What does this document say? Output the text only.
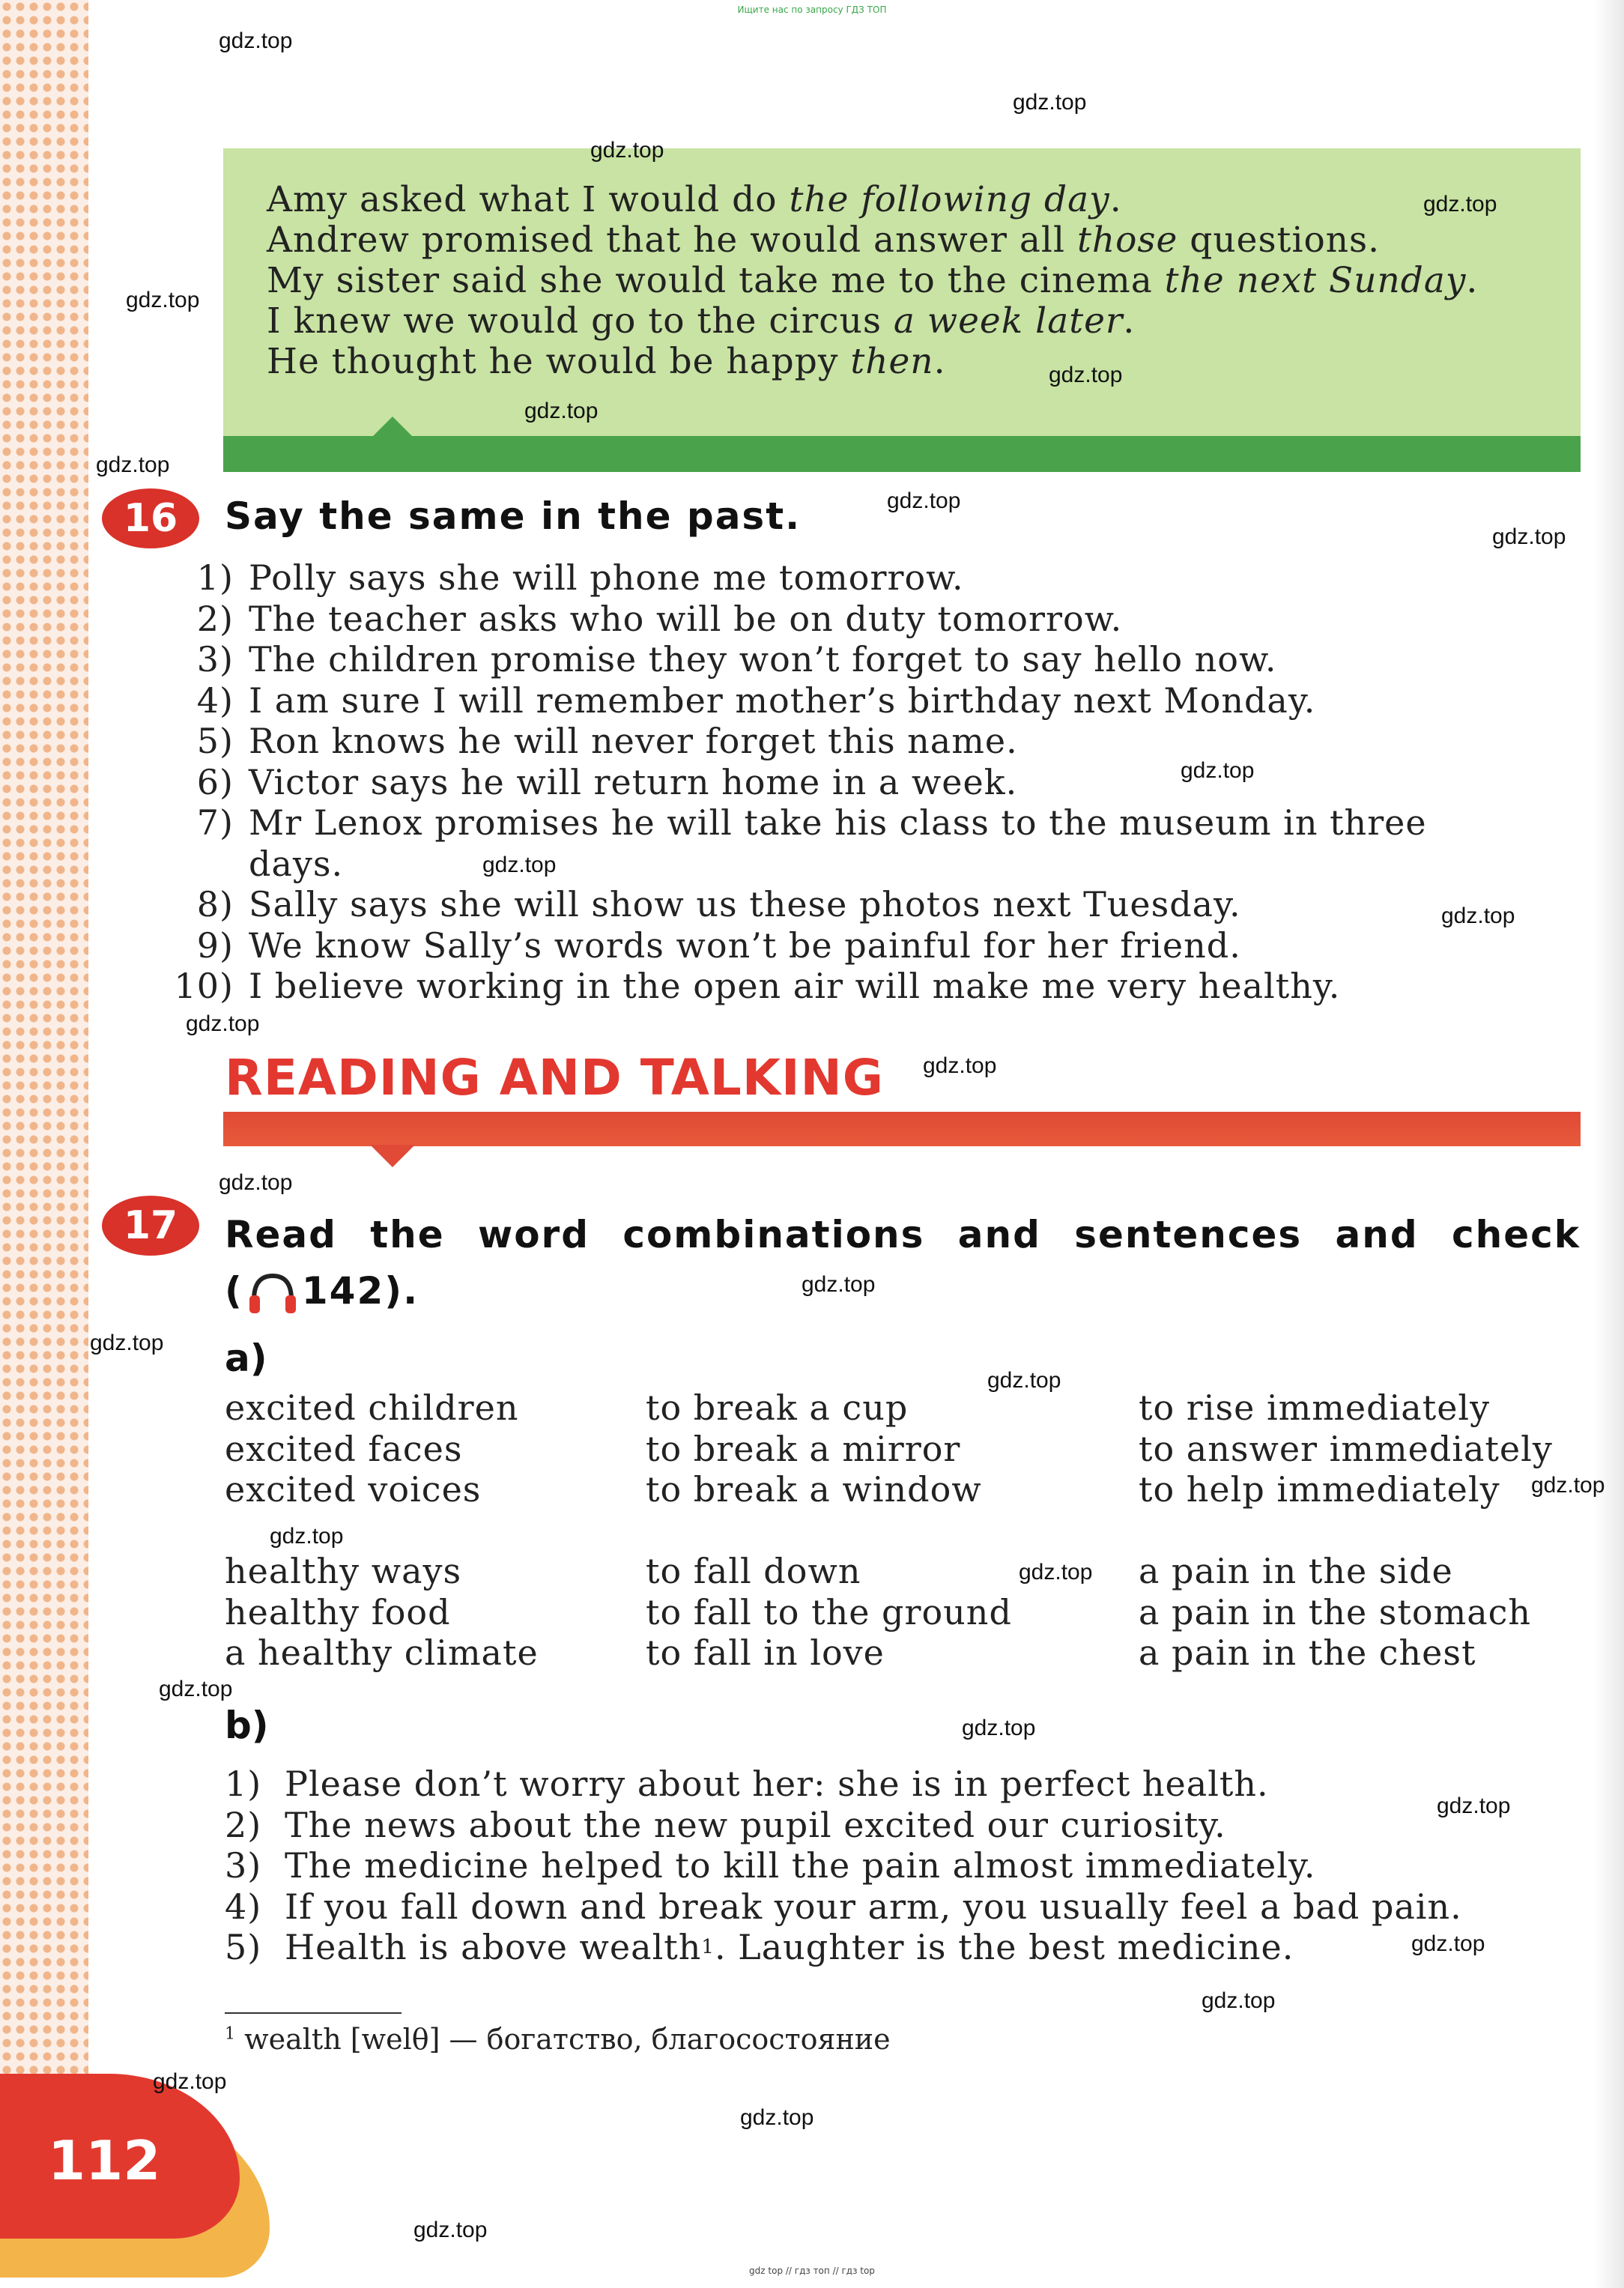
Ищите нас по запросу ГДЗ ТОП
Amy asked what I would do the following day.
Andrew promised that he would answer all those questions.
My sister said she would take me to the cinema the next Sunday.
I knew we would go to the circus a week later.
He thought he would be happy then.
16	Say the same in the past.
1) Polly says she will phone me tomorrow.
2) The teacher asks who will be on duty tomorrow.
3) The children promise they won’t forget to say hello now.
4) I am sure I will remember mother’s birthday next Monday.
5) Ron knows he will never forget this name.
6) Victor says he will return home in a week.
7) Mr Lenox promises he will take his class to the museum in three
days.
8) Sally says she will show us these photos next Tuesday.
9) We know Sally’s words won’t be painful for her friend.
10) I believe working in the open air will make me very healthy.
READING AND TALKING
17	Read the word combinations and sentences and check
( 142).
a)
excited children
excited faces
excited voices
to break a cup
to break a mirror
to break a window
to rise immediately
to answer immediately
to help immediately
healthy ways
healthy food
a healthy climate
to fall down
to fall to the ground
to fall in love
a pain in the side
a pain in the stomach
a pain in the chest
b)
1) Please don’t worry about her: she is in perfect health.
2) The news about the new pupil excited our curiosity.
3) The medicine helped to kill the pain almost immediately.
4) If you fall down and break your arm, you usually feel a bad pain.
5) Health is above wealth 1 . Laughter is the best medicine.
$^1$ wealth [welθ] — богатство, благосостояние
112
gdz.top
gdz.top
gdz.top
gdz.top
gdz.top
gdz.top
gdz.top
gdz.top
gdz.top
gdz.top
gdz.top
gdz.top
gdz.top
gdz.top
gdz.top
gdz.top
gdz.top
gdz.top
gdz.top
gdz.top
gdz.top
gdz.top
gdz.top
gdz.top
gdz.top
gdz.top
gdz.top
gdz.top
gdz.top
gdz.top
gdz top // гдз топ // гдз top
